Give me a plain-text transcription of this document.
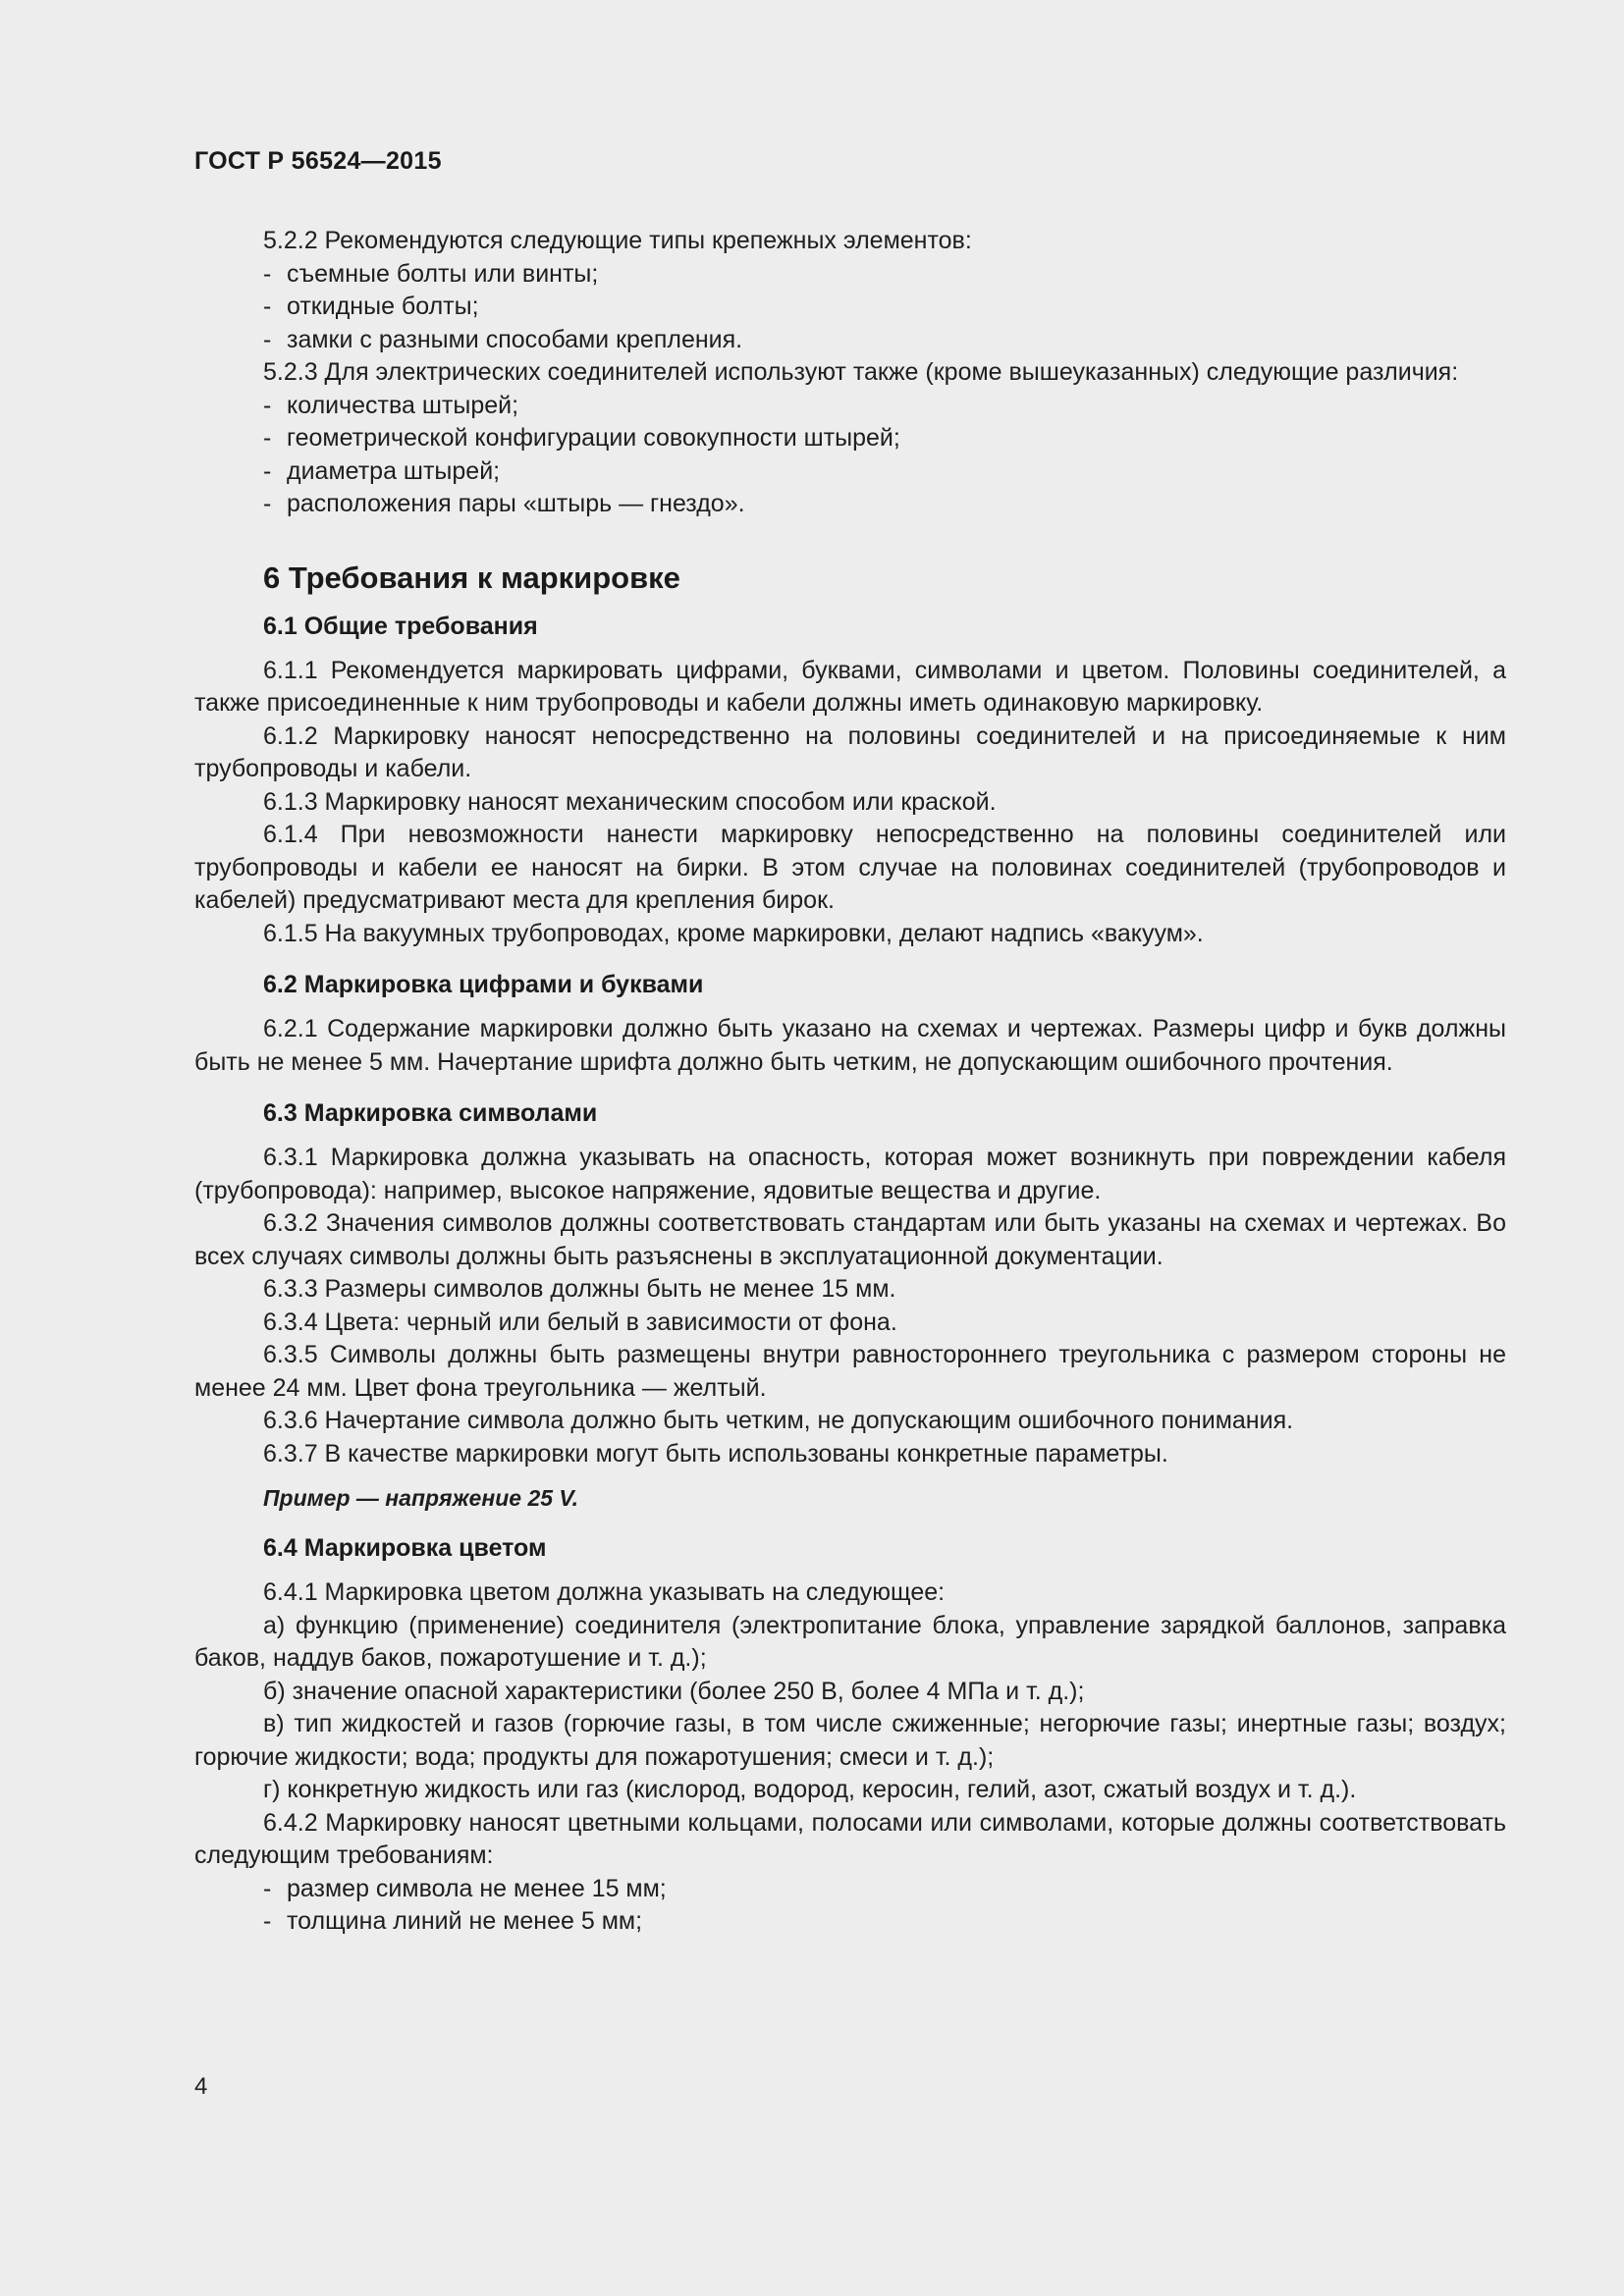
ГОСТ Р 56524—2015

5.2.2 Рекомендуются следующие типы крепежных элементов:

- съемные болты или винты;
- откидные болты;
- замки с разными способами крепления.

5.2.3 Для электрических соединителей используют также (кроме вышеуказанных) следующие различия:

- количества штырей;
- геометрической конфигурации совокупности штырей;
- диаметра штырей;
- расположения пары «штырь — гнездо».

6 Требования к маркировке

6.1 Общие требования

6.1.1 Рекомендуется маркировать цифрами, буквами, символами и цветом. Половины соединителей, а также присоединенные к ним трубопроводы и кабели должны иметь одинаковую маркировку.

6.1.2 Маркировку наносят непосредственно на половины соединителей и на присоединяемые к ним трубопроводы и кабели.

6.1.3 Маркировку наносят механическим способом или краской.

6.1.4 При невозможности нанести маркировку непосредственно на половины соединителей или трубопроводы и кабели ее наносят на бирки. В этом случае на половинах соединителей (трубопроводов и кабелей) предусматривают места для крепления бирок.

6.1.5 На вакуумных трубопроводах, кроме маркировки, делают надпись «вакуум».

6.2 Маркировка цифрами и буквами

6.2.1 Содержание маркировки должно быть указано на схемах и чертежах. Размеры цифр и букв должны быть не менее 5 мм. Начертание шрифта должно быть четким, не допускающим ошибочного прочтения.

6.3 Маркировка символами

6.3.1 Маркировка должна указывать на опасность, которая может возникнуть при повреждении кабеля (трубопровода): например, высокое напряжение, ядовитые вещества и другие.

6.3.2 Значения символов должны соответствовать стандартам или быть указаны на схемах и чертежах. Во всех случаях символы должны быть разъяснены в эксплуатационной документации.

6.3.3 Размеры символов должны быть не менее 15 мм.

6.3.4 Цвета: черный или белый в зависимости от фона.

6.3.5 Символы должны быть размещены внутри равностороннего треугольника с размером стороны не менее 24 мм. Цвет фона треугольника — желтый.

6.3.6 Начертание символа должно быть четким, не допускающим ошибочного понимания.

6.3.7 В качестве маркировки могут быть использованы конкретные параметры.

Пример — напряжение 25 V.

6.4 Маркировка цветом

6.4.1 Маркировка цветом должна указывать на следующее:

а) функцию (применение) соединителя (электропитание блока, управление зарядкой баллонов, заправка баков, наддув баков, пожаротушение и т. д.);

б) значение опасной характеристики (более 250 В, более 4 МПа и т. д.);

в) тип жидкостей и газов (горючие газы, в том числе сжиженные; негорючие газы; инертные газы; воздух; горючие жидкости; вода; продукты для пожаротушения; смеси и т. д.);

г) конкретную жидкость или газ (кислород, водород, керосин, гелий, азот, сжатый воздух и т. д.).

6.4.2 Маркировку наносят цветными кольцами, полосами или символами, которые должны соответствовать следующим требованиям:

- размер символа не менее 15 мм;
- толщина линий не менее 5 мм;
4
